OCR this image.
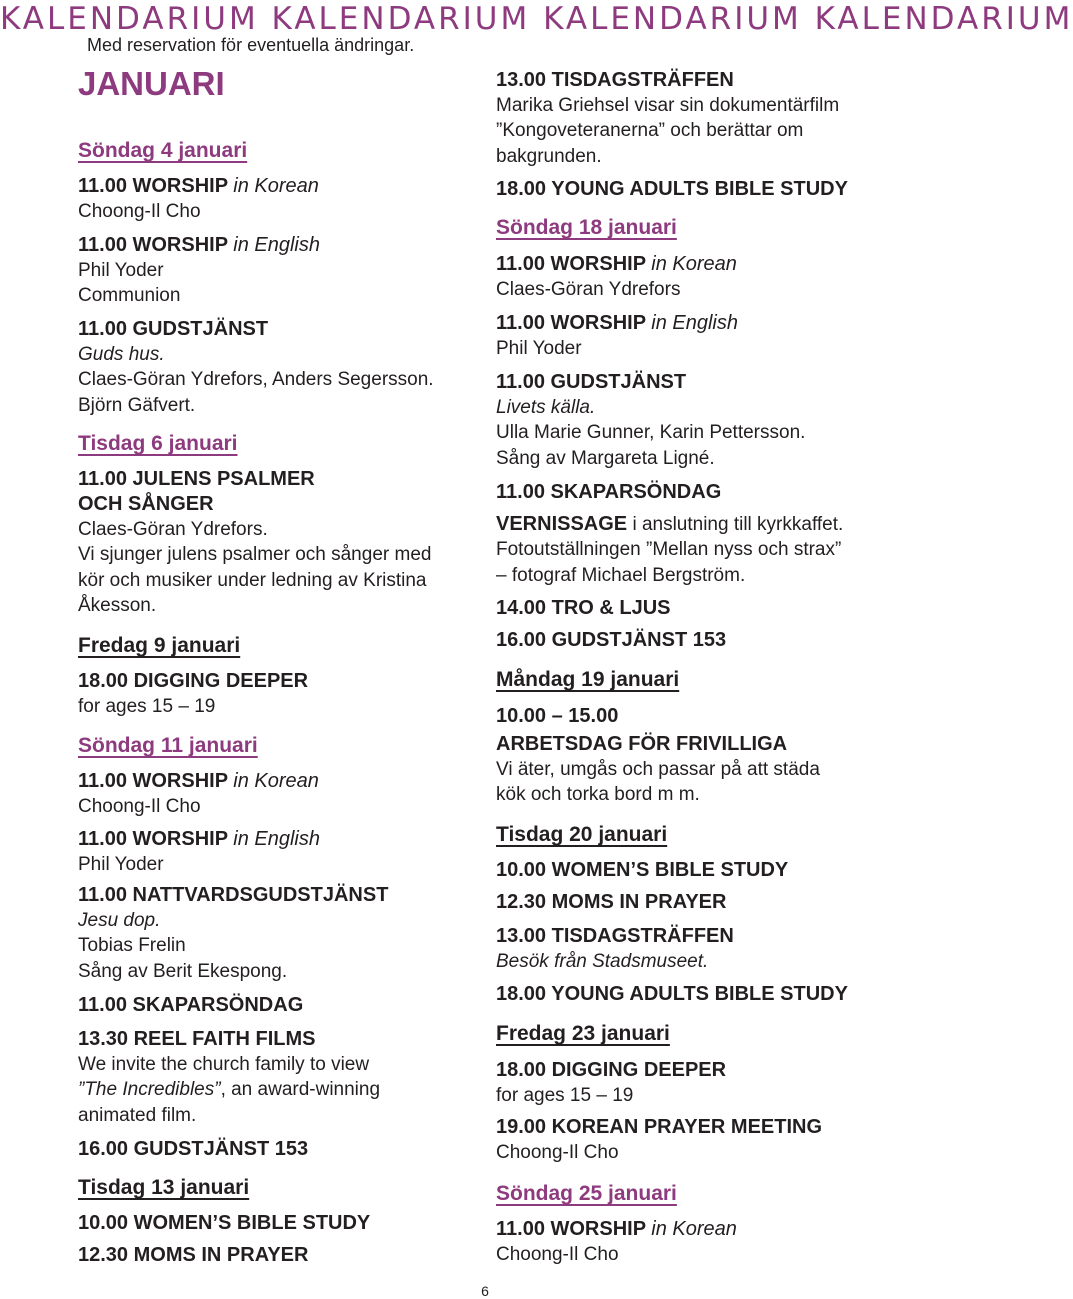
KALENDARIUM KALENDARIUM KALENDARIUM KALENDARIUM
Med reservation för eventuella ändringar.
JANUARI
Söndag 4 januari
11.00 WORSHIP in Korean
Choong-Il Cho
11.00 WORSHIP in English
Phil Yoder
Communion
11.00 GUDSTJÄNST
Guds hus.
Claes-Göran Ydrefors, Anders Segersson.
Björn Gäfvert.
Tisdag 6 januari
11.00 JULENS PSALMER
OCH SÅNGER
Claes-Göran Ydrefors.
Vi sjunger julens psalmer och sånger med
kör och musiker under ledning av Kristina
Åkesson.
Fredag 9 januari
18.00 DIGGING DEEPER
for ages 15 – 19
Söndag 11 januari
11.00 WORSHIP in Korean
Choong-Il Cho
11.00 WORSHIP in English
Phil Yoder
11.00 NATTVARDSGUDSTJÄNST
Jesu dop.
Tobias Frelin
Sång av Berit Ekespong.
11.00 SKAPARSÖNDAG
13.30 REEL FAITH FILMS
We invite the church family to view
”The Incredibles”, an award-winning
animated film.
16.00 GUDSTJÄNST 153
Tisdag 13 januari
10.00 WOMEN’S BIBLE STUDY
12.30 MOMS IN PRAYER
13.00 TISDAGSTRÄFFEN
Marika Griehsel visar sin dokumentärfilm
”Kongoveteranerna” och berättar om
bakgrunden.
18.00 YOUNG ADULTS BIBLE STUDY
Söndag 18 januari
11.00 WORSHIP in Korean
Claes-Göran Ydrefors
11.00 WORSHIP in English
Phil Yoder
11.00 GUDSTJÄNST
Livets källa.
Ulla Marie Gunner, Karin Pettersson.
Sång av Margareta Ligné.
11.00 SKAPARSÖNDAG
VERNISSAGE i anslutning till kyrkkaffet.
Fotoutställningen ”Mellan nyss och strax”
– fotograf Michael Bergström.
14.00 TRO & LJUS
16.00 GUDSTJÄNST 153
Måndag 19 januari
10.00 – 15.00
ARBETSDAG FÖR FRIVILLIGA
Vi äter, umgås och passar på att städa
kök och torka bord m m.
Tisdag 20 januari
10.00 WOMEN’S BIBLE STUDY
12.30 MOMS IN PRAYER
13.00 TISDAGSTRÄFFEN
Besök från Stadsmuseet.
18.00 YOUNG ADULTS BIBLE STUDY
Fredag 23 januari
18.00 DIGGING DEEPER
for ages 15 – 19
19.00 KOREAN PRAYER MEETING
Choong-Il Cho
Söndag 25 januari
11.00 WORSHIP in Korean
Choong-Il Cho
6
